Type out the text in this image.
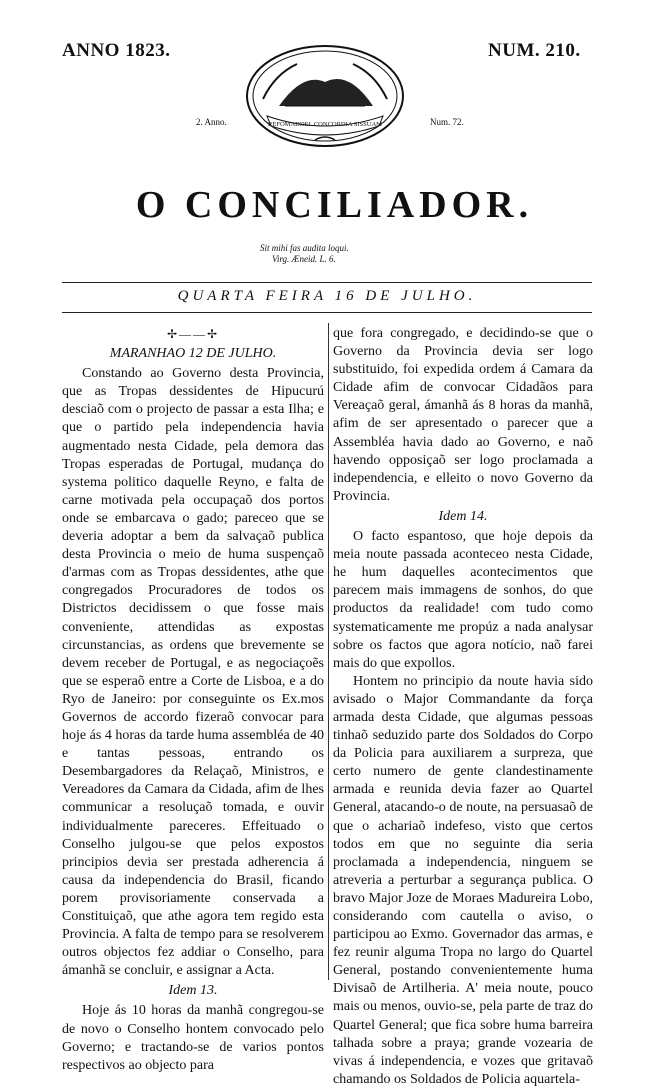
ANNO 1823.	NUM. 210.
2. Anno.	Num. 72.
REFOMADDEL CONCORDIA SISSUAM
O CONCILIADOR.
Sit mihi fas audita loqui.
Virg. Æneid. L. 6.
QUARTA FEIRA 16 DE JULHO.
✢——✢
MARANHAO 12 DE JULHO.

Constando ao Governo desta Provincia, que as Tropas dessidentes de Hipucurú desciaõ com o projecto de passar a esta Ilha; e que o partido pela independencia havia augmentado nesta Cidade, pela demora das Tropas esperadas de Portugal, mudança do systema politico daquelle Reyno, e falta de carne motivada pela occupaçaõ dos portos onde se embarcava o gado; pareceo que se deveria adoptar a bem da salvaçaõ publica desta Provincia o meio de huma suspençaõ d'armas com as Tropas dessidentes, athe que congregados Procuradores de todos os Districtos decidissem o que fosse mais conveniente, attendidas as expostas circunstancias, as ordens que brevemente se devem receber de Portugal, e as negociaçoẽs que se esperaõ entre a Corte de Lisboa, e a do Ryo de Janeiro: por conseguinte os Ex.mos Governos de accordo fizeraõ convocar para hoje ás 4 horas da tarde huma assembléa de 40 e tantas pessoas, entrando os Desembargadores da Relaçaõ, Ministros, e Vereadores da Camara da Cidada, afim de lhes communicar a resoluçaõ tomada, e ouvir individualmente pareceres. Effeituado o Conselho julgou-se que pelos expostos principios devia ser prestada adherencia á causa da independencia do Brasil, ficando porem provisoriamente conservada a Constituiçaõ, que athe agora tem regido esta Provincia. A falta de tempo para se resolverem outros objectos fez addiar o Conselho, para ámanhã se concluir, e assignar a Acta.

Idem 13.

Hoje ás 10 horas da manhã congregou-se de novo o Conselho hontem convocado pelo Governo; e tractando-se de varios pontos respectivos ao objecto para

que fora congregado, e decidindo-se que o Governo da Provincia devia ser logo substituido, foi expedida ordem á Camara da Cidade afim de convocar Cidadãos para Vereaçaõ geral, ámanhã ás 8 horas da manhã, afim de ser apresentado o parecer que a Assembléa havia dado ao Governo, e naõ havendo opposiçaõ ser logo proclamada a independencia, e elleito o novo Governo da Provincia.

Idem 14.

O facto espantoso, que hoje depois da meia noute passada aconteceo nesta Cidade, he hum daquelles acontecimentos que parecem mais immagens de sonhos, do que productos da realidade! com tudo como systematicamente me propúz a nada analysar sobre os factos que agora notício, naõ farei mais do que expollos.

Hontem no principio da noute havia sido avisado o Major Commandante da força armada desta Cidade, que algumas pessoas tinhaõ seduzido parte dos Soldados do Corpo da Policia para auxiliarem a surpreza, que certo numero de gente clandestinamente armada e reunida devia fazer ao Quartel General, atacando-o de noute, na persuasaõ de que o achariaõ indefeso, visto que certos todos em que no seguinte dia seria proclamada a independencia, ninguem se atreveria a perturbar a segurança publica. O bravo Major Joze de Moraes Madureira Lobo, considerando com cautella o aviso, o participou ao Exmo. Governador das armas, e fez reunir alguma Tropa no largo do Quartel General, postando convenientemente huma Divisaõ de Artilheria. A' meia noute, pouco mais ou menos, ouvio-se, pela parte de traz do Quartel General; que fica sobre huma barreira talhada sobre a praya; grande vozearia de vivas á independencia, e vozes que gritavaõ chamando os Soldados de Policia aquartela-
